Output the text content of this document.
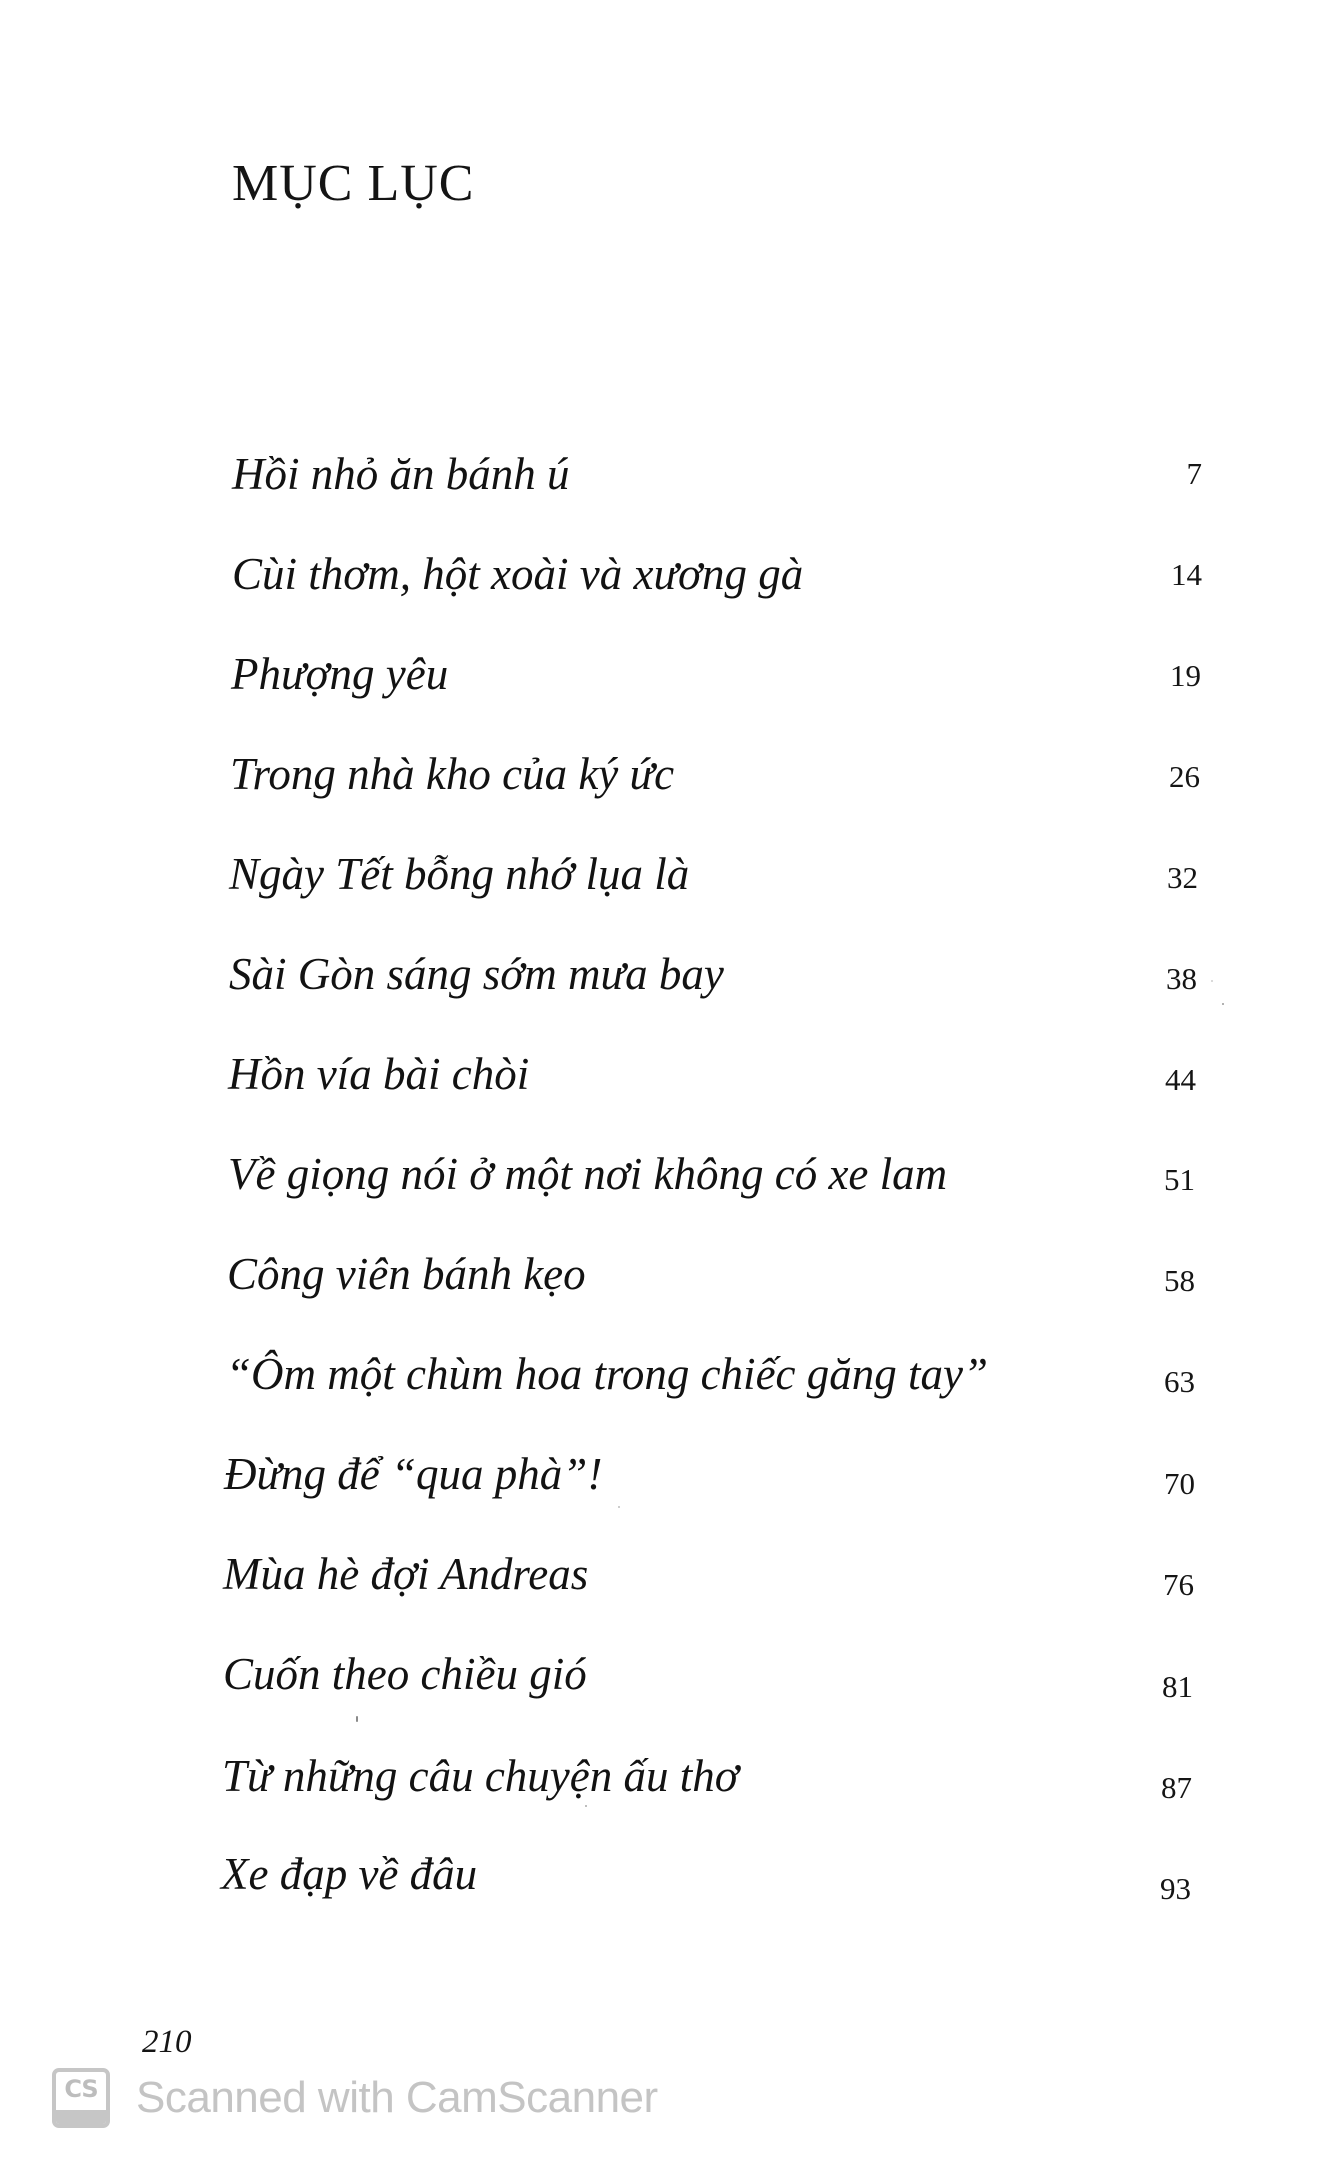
MỤC LỤC
Hồi nhỏ ăn bánh ú
Cùi thơm, hột xoài và xương gà
Phượng yêu
Trong nhà kho của ký ức
Ngày Tết bỗng nhớ lụa là
Sài Gòn sáng sớm mưa bay
Hồn vía bài chòi
Về giọng nói ở một nơi không có xe lam
Công viên bánh kẹo
“Ôm một chùm hoa trong chiếc găng tay”
Đừng để “qua phà”!
Mùa hè đợi Andreas
Cuốn theo chiều gió
Từ những câu chuyện ấu thơ
Xe đạp về đâu
7
14
19
26
32
38
44
51
58
63
70
76
81
87
93
210
CS Scanned with CamScanner
